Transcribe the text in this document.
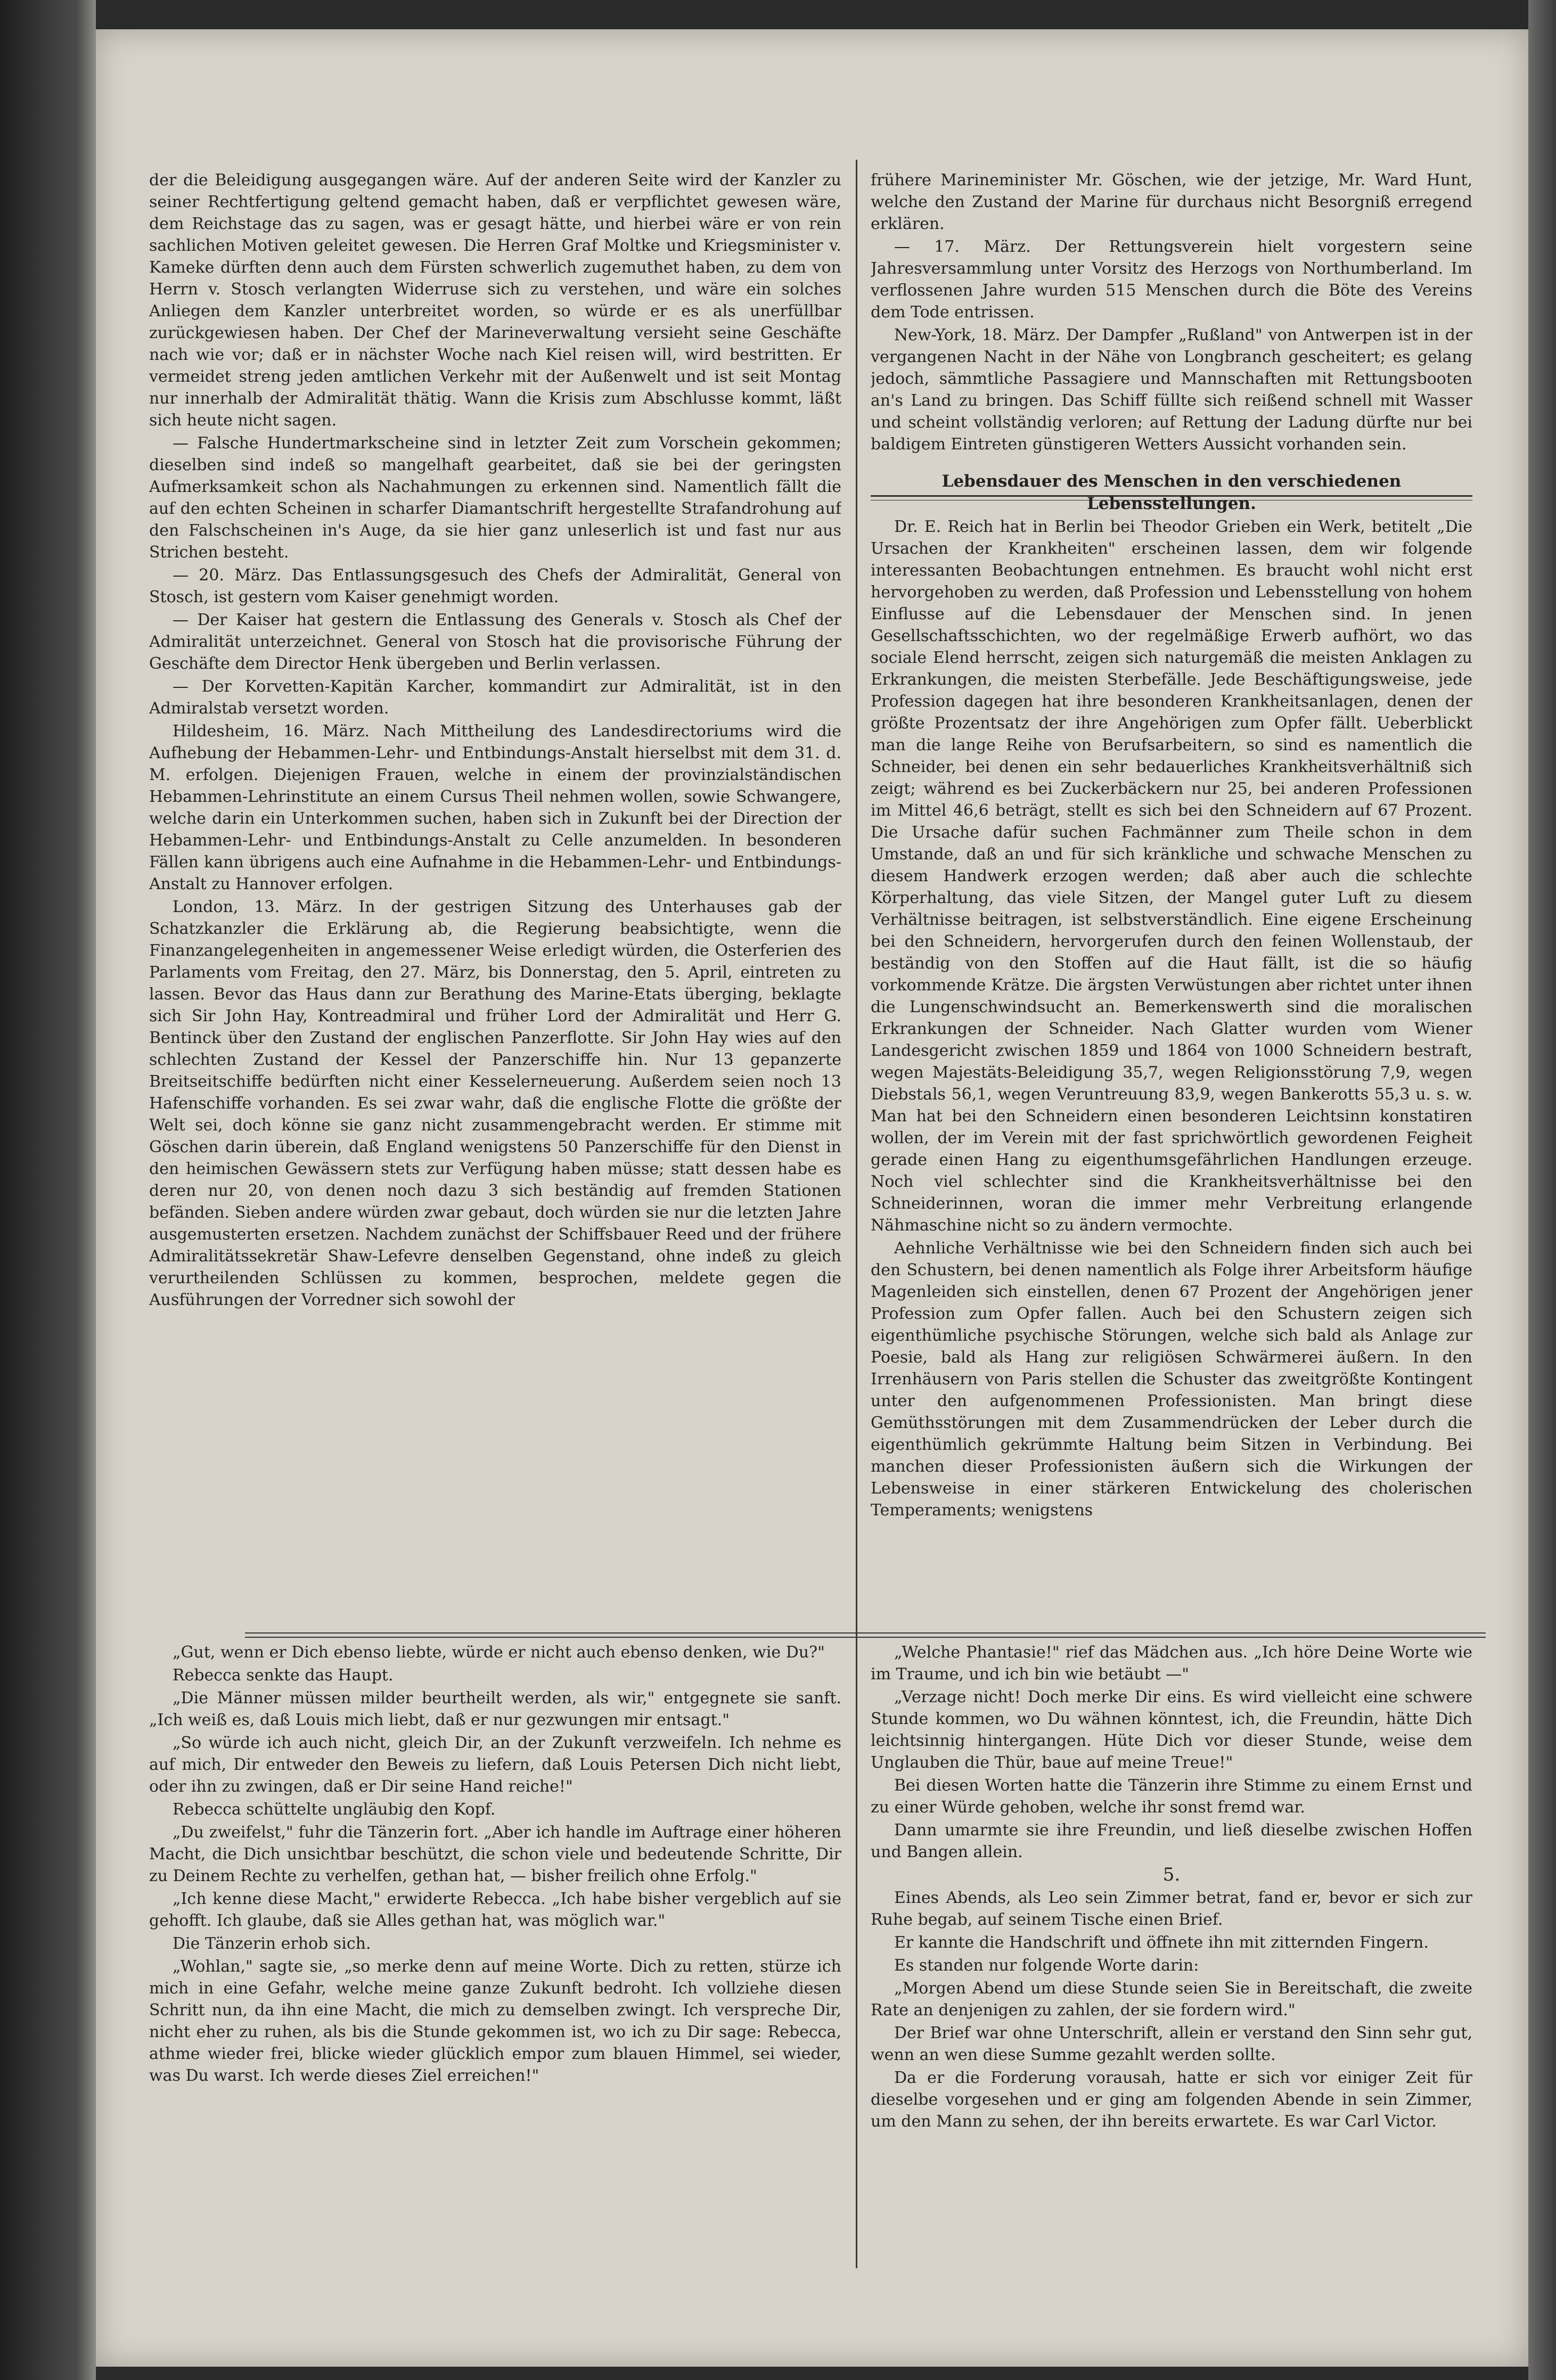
der die Beleidigung ausgegangen wäre. Auf der anderen Seite wird der Kanzler zu seiner Rechtfertigung geltend gemacht haben, daß er verpflichtet gewesen wäre, dem Reichstage das zu sagen, was er gesagt hätte, und hierbei wäre er von rein sachlichen Motiven geleitet gewesen. Die Herren Graf Moltke und Kriegsminister v. Kameke dürften denn auch dem Fürsten schwerlich zugemuthet haben, zu dem von Herrn v. Stosch verlangten Widerruse sich zu verstehen, und wäre ein solches Anliegen dem Kanzler unterbreitet worden, so würde er es als unerfüllbar zurückgewiesen haben. Der Chef der Marineverwaltung versieht seine Geschäfte nach wie vor; daß er in nächster Woche nach Kiel reisen will, wird bestritten. Er vermeidet streng jeden amtlichen Verkehr mit der Außenwelt und ist seit Montag nur innerhalb der Admiralität thätig. Wann die Krisis zum Abschlusse kommt, läßt sich heute nicht sagen.

— Falsche Hundertmarkscheine sind in letzter Zeit zum Vorschein gekommen; dieselben sind indeß so mangelhaft gearbeitet, daß sie bei der geringsten Aufmerksamkeit schon als Nachahmungen zu erkennen sind. Namentlich fällt die auf den echten Scheinen in scharfer Diamantschrift hergestellte Strafandrohung auf den Falschscheinen in's Auge, da sie hier ganz unleserlich ist und fast nur aus Strichen besteht.

— 20. März. Das Entlassungsgesuch des Chefs der Admiralität, General von Stosch, ist gestern vom Kaiser genehmigt worden.

— Der Kaiser hat gestern die Entlassung des Generals v. Stosch als Chef der Admiralität unterzeichnet. General von Stosch hat die provisorische Führung der Geschäfte dem Director Henk übergeben und Berlin verlassen.

— Der Korvetten-Kapitän Karcher, kommandirt zur Admiralität, ist in den Admiralstab versetzt worden.

Hildesheim, 16. März. Nach Mittheilung des Landesdirectoriums wird die Aufhebung der Hebammen-Lehr- und Entbindungs-Anstalt hierselbst mit dem 31. d. M. erfolgen. Diejenigen Frauen, welche in einem der provinzialständischen Hebammen-Lehrinstitute an einem Cursus Theil nehmen wollen, sowie Schwangere, welche darin ein Unterkommen suchen, haben sich in Zukunft bei der Direction der Hebammen-Lehr- und Entbindungs-Anstalt zu Celle anzumelden. In besonderen Fällen kann übrigens auch eine Aufnahme in die Hebammen-Lehr- und Entbindungs-Anstalt zu Hannover erfolgen.

London, 13. März. In der gestrigen Sitzung des Unterhauses gab der Schatzkanzler die Erklärung ab, die Regierung beabsichtigte, wenn die Finanzangelegenheiten in angemessener Weise erledigt würden, die Osterferien des Parlaments vom Freitag, den 27. März, bis Donnerstag, den 5. April, eintreten zu lassen. Bevor das Haus dann zur Berathung des Marine-Etats überging, beklagte sich Sir John Hay, Kontreadmiral und früher Lord der Admiralität und Herr G. Bentinck über den Zustand der englischen Panzerflotte. Sir John Hay wies auf den schlechten Zustand der Kessel der Panzerschiffe hin. Nur 13 gepanzerte Breitseitschiffe bedürften nicht einer Kesselerneuerung. Außerdem seien noch 13 Hafenschiffe vorhanden. Es sei zwar wahr, daß die englische Flotte die größte der Welt sei, doch könne sie ganz nicht zusammengebracht werden. Er stimme mit Göschen darin überein, daß England wenigstens 50 Panzerschiffe für den Dienst in den heimischen Gewässern stets zur Verfügung haben müsse; statt dessen habe es deren nur 20, von denen noch dazu 3 sich beständig auf fremden Stationen befänden. Sieben andere würden zwar gebaut, doch würden sie nur die letzten Jahre ausgemusterten ersetzen. Nachdem zunächst der Schiffsbauer Reed und der frühere Admiralitätssekretär Shaw-Lefevre denselben Gegenstand, ohne indeß zu gleich verurtheilenden Schlüssen zu kommen, besprochen, meldete gegen die Ausführungen der Vorredner sich sowohl der

frühere Marineminister Mr. Göschen, wie der jetzige, Mr. Ward Hunt, welche den Zustand der Marine für durchaus nicht Besorgniß erregend erklären.

— 17. März. Der Rettungsverein hielt vorgestern seine Jahresversammlung unter Vorsitz des Herzogs von Northumberland. Im verflossenen Jahre wurden 515 Menschen durch die Böte des Vereins dem Tode entrissen.

New-York, 18. März. Der Dampfer „Rußland" von Antwerpen ist in der vergangenen Nacht in der Nähe von Longbranch gescheitert; es gelang jedoch, sämmtliche Passagiere und Mannschaften mit Rettungsbooten an's Land zu bringen. Das Schiff füllte sich reißend schnell mit Wasser und scheint vollständig verloren; auf Rettung der Ladung dürfte nur bei baldigem Eintreten günstigeren Wetters Aussicht vorhanden sein.

Lebensdauer des Menschen in den verschiedenen Lebensstellungen.

Dr. E. Reich hat in Berlin bei Theodor Grieben ein Werk, betitelt „Die Ursachen der Krankheiten" erscheinen lassen, dem wir folgende interessanten Beobachtungen entnehmen. Es braucht wohl nicht erst hervorgehoben zu werden, daß Profession und Lebensstellung von hohem Einflusse auf die Lebensdauer der Menschen sind. In jenen Gesellschaftsschichten, wo der regelmäßige Erwerb aufhört, wo das sociale Elend herrscht, zeigen sich naturgemäß die meisten Anklagen zu Erkrankungen, die meisten Sterbefälle. Jede Beschäftigungsweise, jede Profession dagegen hat ihre besonderen Krankheitsanlagen, denen der größte Prozentsatz der ihre Angehörigen zum Opfer fällt. Ueberblickt man die lange Reihe von Berufsarbeitern, so sind es namentlich die Schneider, bei denen ein sehr bedauerliches Krankheitsverhältniß sich zeigt; während es bei Zuckerbäckern nur 25, bei anderen Professionen im Mittel 46,6 beträgt, stellt es sich bei den Schneidern auf 67 Prozent. Die Ursache dafür suchen Fachmänner zum Theile schon in dem Umstande, daß an und für sich kränkliche und schwache Menschen zu diesem Handwerk erzogen werden; daß aber auch die schlechte Körperhaltung, das viele Sitzen, der Mangel guter Luft zu diesem Verhältnisse beitragen, ist selbstverständlich. Eine eigene Erscheinung bei den Schneidern, hervorgerufen durch den feinen Wollenstaub, der beständig von den Stoffen auf die Haut fällt, ist die so häufig vorkommende Krätze. Die ärgsten Verwüstungen aber richtet unter ihnen die Lungenschwindsucht an. Bemerkenswerth sind die moralischen Erkrankungen der Schneider. Nach Glatter wurden vom Wiener Landesgericht zwischen 1859 und 1864 von 1000 Schneidern bestraft, wegen Majestäts-Beleidigung 35,7, wegen Religionsstörung 7,9, wegen Diebstals 56,1, wegen Veruntreuung 83,9, wegen Bankerotts 55,3 u. s. w. Man hat bei den Schneidern einen besonderen Leichtsinn konstatiren wollen, der im Verein mit der fast sprichwörtlich gewordenen Feigheit gerade einen Hang zu eigenthumsgefährlichen Handlungen erzeuge. Noch viel schlechter sind die Krankheitsverhältnisse bei den Schneiderinnen, woran die immer mehr Verbreitung erlangende Nähmaschine nicht so zu ändern vermochte.

Aehnliche Verhältnisse wie bei den Schneidern finden sich auch bei den Schustern, bei denen namentlich als Folge ihrer Arbeitsform häufige Magenleiden sich einstellen, denen 67 Prozent der Angehörigen jener Profession zum Opfer fallen. Auch bei den Schustern zeigen sich eigenthümliche psychische Störungen, welche sich bald als Anlage zur Poesie, bald als Hang zur religiösen Schwärmerei äußern. In den Irrenhäusern von Paris stellen die Schuster das zweitgrößte Kontingent unter den aufgenommenen Professionisten. Man bringt diese Gemüthsstörungen mit dem Zusammendrücken der Leber durch die eigenthümlich gekrümmte Haltung beim Sitzen in Verbindung. Bei manchen dieser Professionisten äußern sich die Wirkungen der Lebensweise in einer stärkeren Entwickelung des cholerischen Temperaments; wenigstens

„Gut, wenn er Dich ebenso liebte, würde er nicht auch ebenso denken, wie Du?"

Rebecca senkte das Haupt.

„Die Männer müssen milder beurtheilt werden, als wir," entgegnete sie sanft. „Ich weiß es, daß Louis mich liebt, daß er nur gezwungen mir entsagt."

„So würde ich auch nicht, gleich Dir, an der Zukunft verzweifeln. Ich nehme es auf mich, Dir entweder den Beweis zu liefern, daß Louis Petersen Dich nicht liebt, oder ihn zu zwingen, daß er Dir seine Hand reiche!"

Rebecca schüttelte ungläubig den Kopf.

„Du zweifelst," fuhr die Tänzerin fort. „Aber ich handle im Auftrage einer höheren Macht, die Dich unsichtbar beschützt, die schon viele und bedeutende Schritte, Dir zu Deinem Rechte zu verhelfen, gethan hat, — bisher freilich ohne Erfolg."

„Ich kenne diese Macht," erwiderte Rebecca. „Ich habe bisher vergeblich auf sie gehofft. Ich glaube, daß sie Alles gethan hat, was möglich war."

Die Tänzerin erhob sich.

„Wohlan," sagte sie, „so merke denn auf meine Worte. Dich zu retten, stürze ich mich in eine Gefahr, welche meine ganze Zukunft bedroht. Ich vollziehe diesen Schritt nun, da ihn eine Macht, die mich zu demselben zwingt. Ich verspreche Dir, nicht eher zu ruhen, als bis die Stunde gekommen ist, wo ich zu Dir sage: Rebecca, athme wieder frei, blicke wieder glücklich empor zum blauen Himmel, sei wieder, was Du warst. Ich werde dieses Ziel erreichen!"

„Welche Phantasie!" rief das Mädchen aus. „Ich höre Deine Worte wie im Traume, und ich bin wie betäubt —"

„Verzage nicht! Doch merke Dir eins. Es wird vielleicht eine schwere Stunde kommen, wo Du wähnen könntest, ich, die Freundin, hätte Dich leichtsinnig hintergangen. Hüte Dich vor dieser Stunde, weise dem Unglauben die Thür, baue auf meine Treue!"

Bei diesen Worten hatte die Tänzerin ihre Stimme zu einem Ernst und zu einer Würde gehoben, welche ihr sonst fremd war.

Dann umarmte sie ihre Freundin, und ließ dieselbe zwischen Hoffen und Bangen allein.

5.

Eines Abends, als Leo sein Zimmer betrat, fand er, bevor er sich zur Ruhe begab, auf seinem Tische einen Brief.

Er kannte die Handschrift und öffnete ihn mit zitternden Fingern.

Es standen nur folgende Worte darin:

„Morgen Abend um diese Stunde seien Sie in Bereitschaft, die zweite Rate an denjenigen zu zahlen, der sie fordern wird."

Der Brief war ohne Unterschrift, allein er verstand den Sinn sehr gut, wenn an wen diese Summe gezahlt werden sollte.

Da er die Forderung vorausah, hatte er sich vor einiger Zeit für dieselbe vorgesehen und er ging am folgenden Abende in sein Zimmer, um den Mann zu sehen, der ihn bereits erwartete. Es war Carl Victor.
